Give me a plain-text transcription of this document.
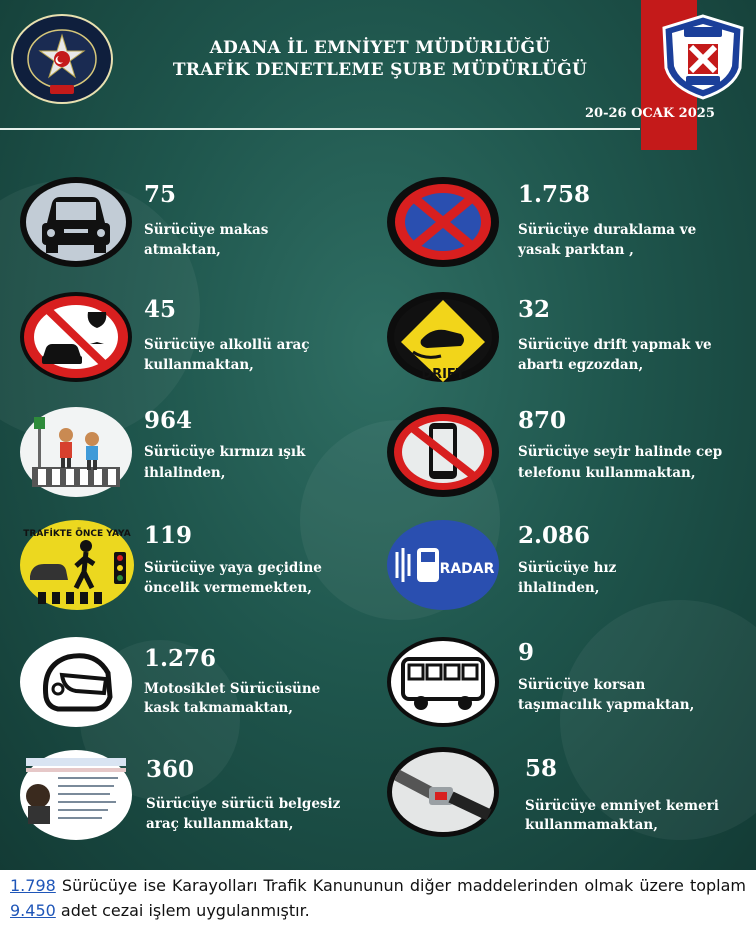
ADANA İL EMNİYET MÜDÜRLÜĞÜ
TRAFİK DENETLEME ŞUBE MÜDÜRLÜĞÜ
20-26 OCAK 2025
75
Sürücüye makas
atmaktan,
1.758
Sürücüye duraklama ve
yasak parktan ,
45
Sürücüye alkollü araç
kullanmaktan,
DRIFT
32
Sürücüye drift yapmak ve
abartı egzozdan,
964
Sürücüye kırmızı ışık
ihlalinden,
870
Sürücüye seyir halinde cep
telefonu kullanmaktan,
TRAFİKTE ÖNCE YAYA 119
Sürücüye yaya geçidine
öncelik vermemekten,
RADAR
2.086
Sürücüye hız
ihlalinden,
1.276
Motosiklet Sürücüsüne
kask takmamaktan,
9
Sürücüye korsan
taşımacılık yapmaktan,
360
Sürücüye sürücü belgesiz
araç kullanmaktan,
58
Sürücüye emniyet kemeri
kullanmamaktan,
1.798 Sürücüye ise Karayolları Trafik Kanununun diğer maddelerinden olmak üzere toplam 9.450 adet cezai işlem uygulanmıştır.
